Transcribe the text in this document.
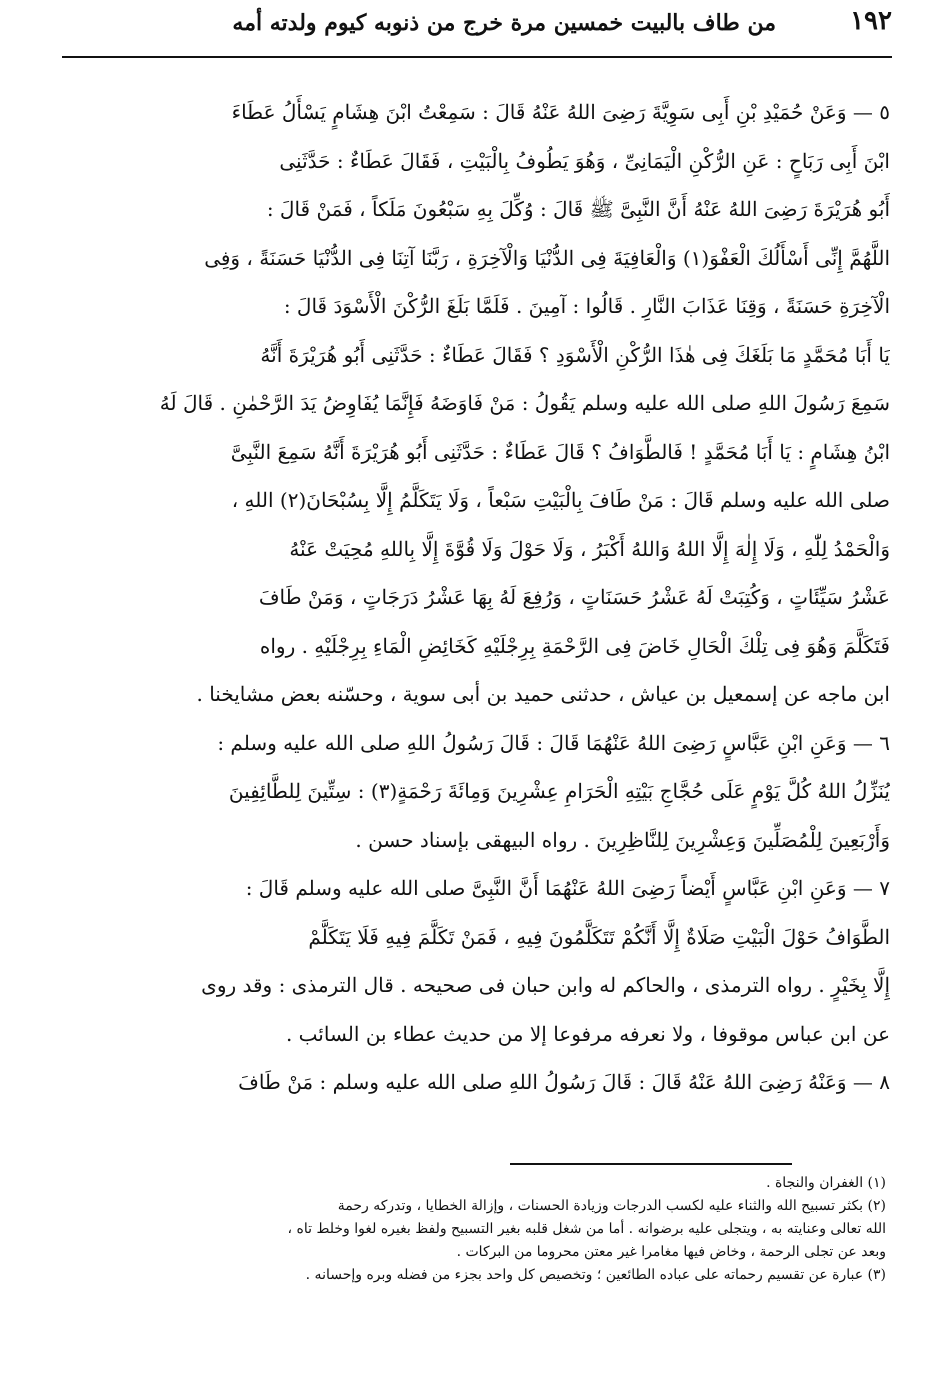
١٩٢
من طاف بالبيت خمسين مرة خرج من ذنوبه كيوم ولدته أمه
٥ — وَعَنْ حُمَيْدِ بْنِ أَبِى سَوِيَّةَ رَضِىَ اللهُ عَنْهُ قَالَ : سَمِعْتُ ابْنَ هِشَامٍ يَسْأَلُ عَطَاءَ
ابْنَ أَبِى رَبَاحٍ : عَنِ الرُّكْنِ الْيَمَانِىِّ ، وَهُوَ يَطُوفُ بِالْبَيْتِ ، فَقَالَ عَطَاءٌ : حَدَّثَنِى
أَبُو هُرَيْرَةَ رَضِىَ اللهُ عَنْهُ أَنَّ النَّبِىَّ ﷺ قَالَ : وُكِّلَ بِهِ سَبْعُونَ مَلَكاً ، فَمَنْ قَالَ :
اللَّهُمَّ إِنِّى أَسْأَلُكَ الْعَفْوَ(١) وَالْعَافِيَةَ فِى الدُّنْيَا وَالْآخِرَةِ ، رَبَّنَا آتِنَا فِى الدُّنْيَا حَسَنَةً ، وَفِى
الْآخِرَةِ حَسَنَةً ، وَقِنَا عَذَابَ النَّارِ . قَالُوا : آمِينَ . فَلَمَّا بَلَغَ الرُّكْنَ الْأَسْوَدَ قَالَ :
يَا أَبَا مُحَمَّدٍ مَا بَلَغَكَ فِى هٰذَا الرُّكْنِ الْأَسْوَدِ ؟ فَقَالَ عَطَاءٌ : حَدَّثَنِى أَبُو هُرَيْرَةَ أَنَّهُ
سَمِعَ رَسُولَ اللهِ صلى الله عليه وسلم يَقُولُ : مَنْ فَاوَضَهُ فَإِنَّمَا يُفَاوِضُ يَدَ الرَّحْمٰنِ . قَالَ لَهُ
ابْنُ هِشَامٍ : يَا أَبَا مُحَمَّدٍ ! فَالطَّوَافُ ؟ قَالَ عَطَاءٌ : حَدَّثَنِى أَبُو هُرَيْرَةَ أَنَّهُ سَمِعَ النَّبِىَّ
صلى الله عليه وسلم قَالَ : مَنْ طَافَ بِالْبَيْتِ سَبْعاً ، وَلَا يَتَكَلَّمُ إِلَّا بِسُبْحَانَ(٢) اللهِ ،
وَالْحَمْدُ لِلّٰهِ ، وَلَا إِلٰهَ إِلَّا اللهُ وَاللهُ أَكْبَرُ ، وَلَا حَوْلَ وَلَا قُوَّةَ إِلَّا بِاللهِ مُحِيَتْ عَنْهُ
عَشْرُ سَيِّئَاتٍ ، وَكُتِبَتْ لَهُ عَشْرُ حَسَنَاتٍ ، وَرُفِعَ لَهُ بِهَا عَشْرُ دَرَجَاتٍ ، وَمَنْ طَافَ
فَتَكَلَّمَ وَهُوَ فِى تِلْكَ الْحَالِ خَاضَ فِى الرَّحْمَةِ بِرِجْلَيْهِ كَخَائِضِ الْمَاءِ بِرِجْلَيْهِ . رواه
ابن ماجه عن إسمعيل بن عياش ، حدثنى حميد بن أبى سوية ، وحسّنه بعض مشايخنا .
٦ — وَعَنِ ابْنِ عَبَّاسٍ رَضِىَ اللهُ عَنْهُمَا قَالَ : قَالَ رَسُولُ اللهِ صلى الله عليه وسلم :
يُنَزِّلُ اللهُ كُلَّ يَوْمٍ عَلَى حُجَّاجِ بَيْتِهِ الْحَرَامِ عِشْرِينَ وَمِائَةَ رَحْمَةٍ(٣) : سِتِّينَ لِلطَّائِفِينَ
وَأَرْبَعِينَ لِلْمُصَلِّينَ وَعِشْرِينَ لِلنَّاظِرِينَ . رواه البيهقى بإسناد حسن .
٧ — وَعَنِ ابْنِ عَبَّاسٍ أَيْضاً رَضِىَ اللهُ عَنْهُمَا أَنَّ النَّبِىَّ صلى الله عليه وسلم قَالَ :
الطَّوَافُ حَوْلَ الْبَيْتِ صَلَاةٌ إِلَّا أَنَّكُمْ تَتَكَلَّمُونَ فِيهِ ، فَمَنْ تَكَلَّمَ فِيهِ فَلَا يَتَكَلَّمْ
إِلَّا بِخَيْرٍ . رواه الترمذى ، والحاكم له وابن حبان فى صحيحه . قال الترمذى : وقد روى
عن ابن عباس موقوفا ، ولا نعرفه مرفوعا إلا من حديث عطاء بن السائب .
٨ — وَعَنْهُ رَضِىَ اللهُ عَنْهُ قَالَ : قَالَ رَسُولُ اللهِ صلى الله عليه وسلم : مَنْ طَافَ
(١) الغفران والنجاة .
(٢) بكثر تسبيح الله والثناء عليه لكسب الدرجات وزيادة الحسنات ، وإزالة الخطايا ، وتدركه رحمة
الله تعالى وعنايته به ، ويتجلى عليه برضوانه . أما من شغل قلبه بغير التسبيح ولفظ بغيره لغوا وخلط تاه ،
وبعد عن تجلى الرحمة ، وخاض فيها مغامرا غير معتن محروما من البركات .
(٣) عبارة عن تقسيم رحماته على عباده الطائعين ؛ وتخصيص كل واحد بجزء من فضله وبره وإحسانه .
